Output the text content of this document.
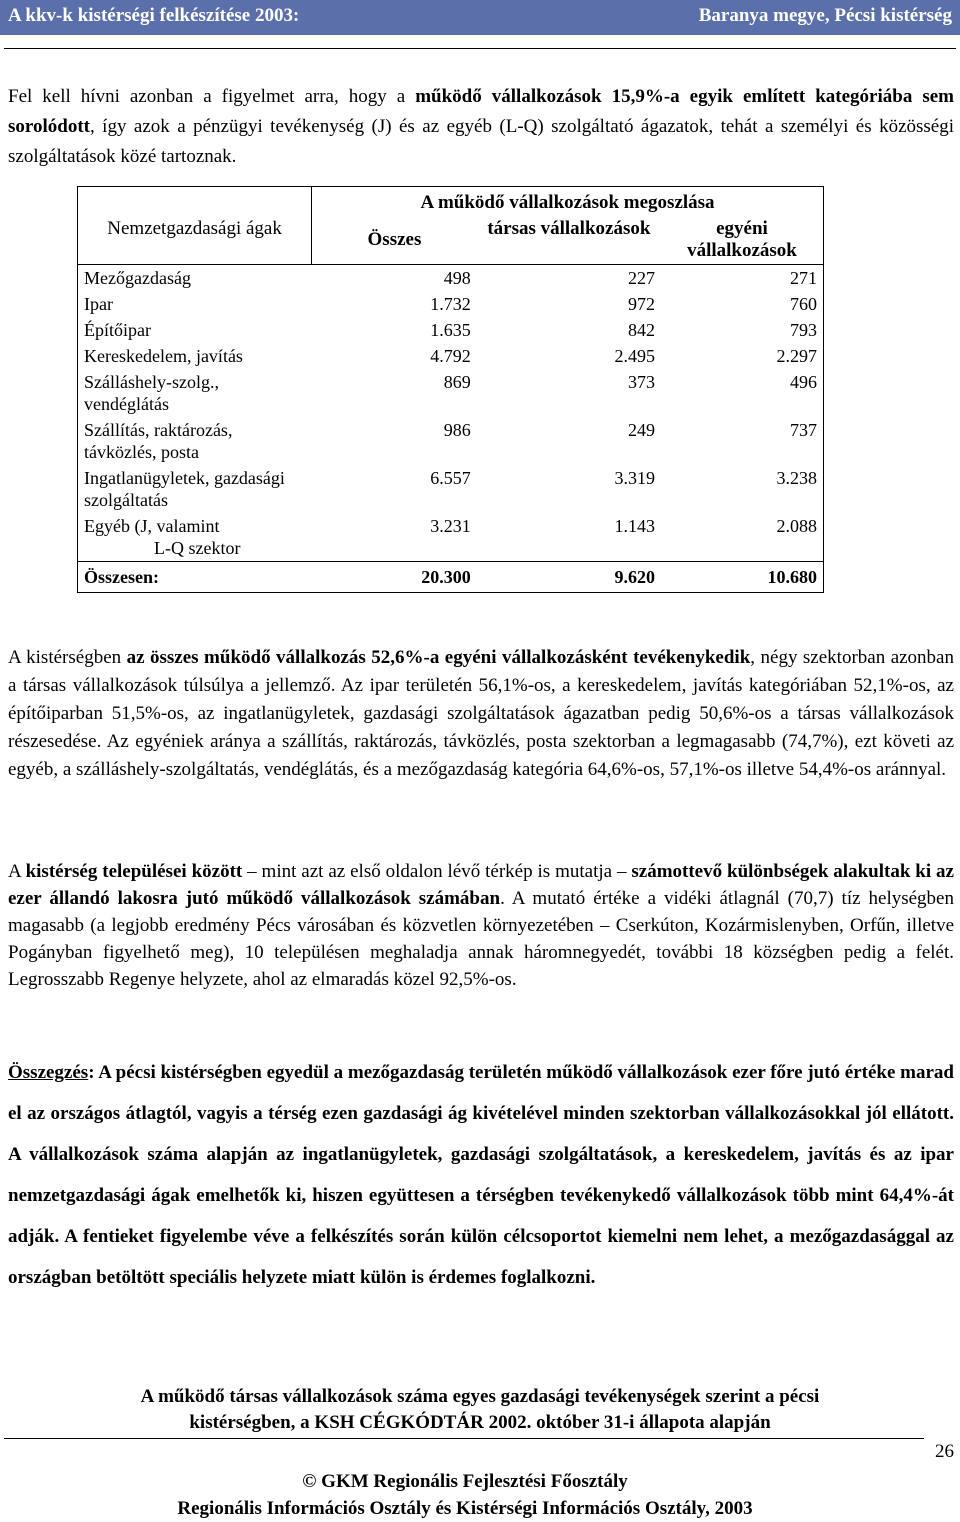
A kkv-k kistérségi felkészítése 2003:	Baranya megye, Pécsi kistérség

Fel kell hívni azonban a figyelmet arra, hogy a működő vállalkozások 15,9%-a egyik említett kategóriába sem sorolódott, így azok a pénzügyi tevékenység (J) és az egyéb (L-Q) szolgáltató ágazatok, tehát a személyi és közösségi szolgáltatások közé tartoznak.

Nemzetgazdasági ágak	A működő vállalkozások megoszlása		
	Összes	társas vállalkozások	egyéni vállalkozások
Mezőgazdaság	498	227	271
Ipar	1.732	972	760
Építőipar	1.635	842	793
Kereskedelem, javítás	4.792	2.495	2.297
Szálláshely-szolg., vendéglátás	869	373	496
Szállítás, raktározás, távközlés, posta	986	249	737
Ingatlanügyletek, gazdasági szolgáltatás	6.557	3.319	3.238
Egyéb (J, valamint
L-Q szektor	3.231	1.143	2.088
Összesen:	20.300	9.620	10.680

A kistérségben az összes működő vállalkozás 52,6%-a egyéni vállalkozásként tevékenykedik, négy szektorban azonban a társas vállalkozások túlsúlya a jellemző. Az ipar területén 56,1%-os, a kereskedelem, javítás kategóriában 52,1%-os, az építőiparban 51,5%-os, az ingatlanügyletek, gazdasági szolgáltatások ágazatban pedig 50,6%-os a társas vállalkozások részesedése. Az egyéniek aránya a szállítás, raktározás, távközlés, posta szektorban a legmagasabb (74,7%), ezt követi az egyéb, a szálláshely-szolgáltatás, vendéglátás, és a mezőgazdaság kategória 64,6%-os, 57,1%-os illetve 54,4%-os aránnyal.

A kistérség települései között – mint azt az első oldalon lévő térkép is mutatja – számottevő különbségek alakultak ki az ezer állandó lakosra jutó működő vállalkozások számában. A mutató értéke a vidéki átlagnál (70,7) tíz helységben magasabb (a legjobb eredmény Pécs városában és közvetlen környezetében – Cserkúton, Kozármislenyben, Orfűn, illetve Pogányban figyelhető meg), 10 településen meghaladja annak háromnegyedét, további 18 községben pedig a felét. Legrosszabb Regenye helyzete, ahol az elmaradás közel 92,5%-os.

Összegzés: A pécsi kistérségben egyedül a mezőgazdaság területén működő vállalkozások ezer főre jutó értéke marad el az országos átlagtól, vagyis a térség ezen gazdasági ág kivételével minden szektorban vállalkozásokkal jól ellátott. A vállalkozások száma alapján az ingatlanügyletek, gazdasági szolgáltatások, a kereskedelem, javítás és az ipar nemzetgazdasági ágak emelhetők ki, hiszen együttesen a térségben tevékenykedő vállalkozások több mint 64,4%-át adják. A fentieket figyelembe véve a felkészítés során külön célcsoportot kiemelni nem lehet, a mezőgazdasággal az országban betöltött speciális helyzete miatt külön is érdemes foglalkozni.

A működő társas vállalkozások száma egyes gazdasági tevékenységek szerint a pécsi
kistérségben, a KSH CÉGKÓDTÁR 2002. október 31-i állapota alapján
26
© GKM Regionális Fejlesztési Főosztály
Regionális Információs Osztály és Kistérségi Információs Osztály, 2003
